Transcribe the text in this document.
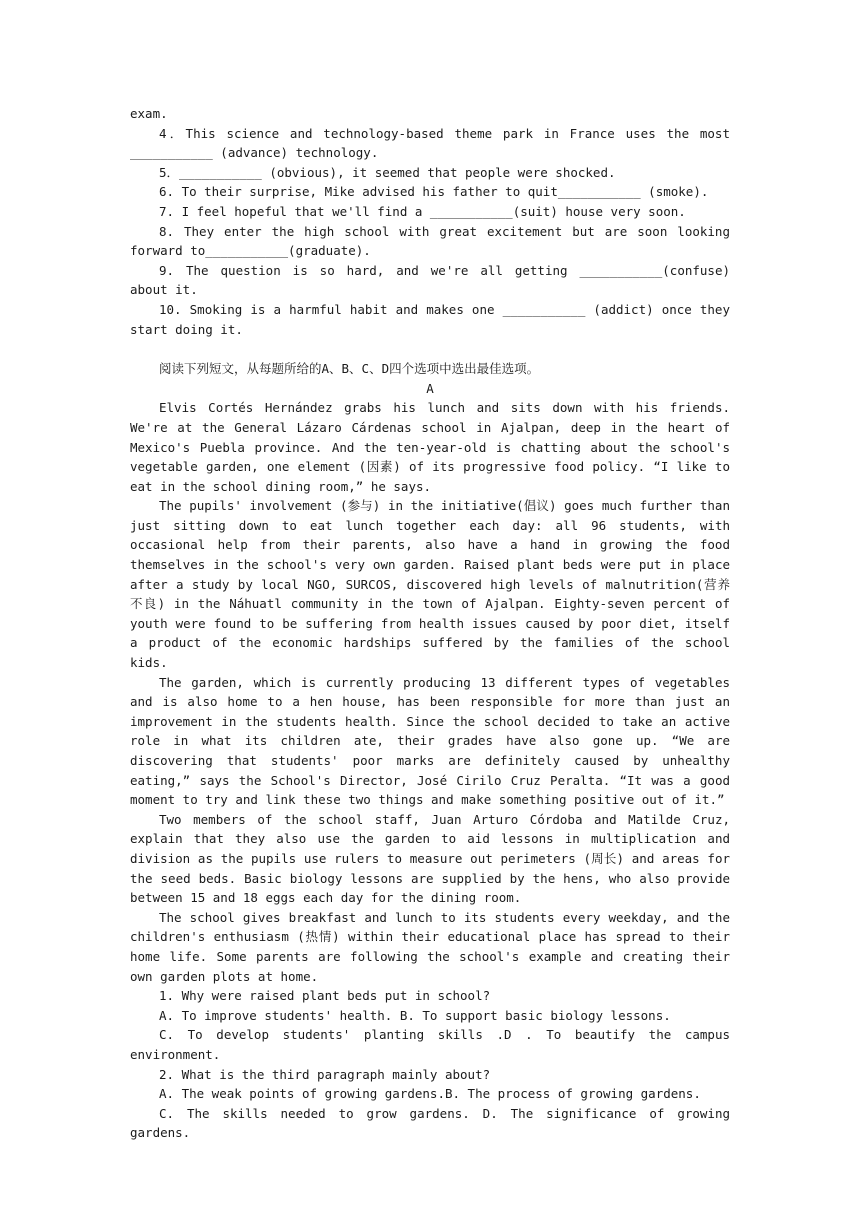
exam.

4．This science and technology-based theme park in France uses the most ___________ (advance) technology.

5．___________ (obvious), it seemed that people were shocked.

6. To their surprise, Mike advised his father to quit___________ (smoke).

7. I feel hopeful that we'll find a ___________(suit) house very soon.

8. They enter the high school with great excitement but are soon looking forward to___________(graduate).

9. The question is so hard, and we're all getting ___________(confuse) about it.

10. Smoking is a harmful habit and makes one ___________ (addict) once they start doing it.

阅读下列短文，从每题所给的A、B、C、D四个选项中选出最佳选项。

A

Elvis Cortés Hernández grabs his lunch and sits down with his friends. We're at the General Lázaro Cárdenas school in Ajalpan, deep in the heart of Mexico's Puebla province. And the ten-year-old is chatting about the school's vegetable garden, one element (因素) of its progressive food policy. “I like to eat in the school dining room,” he says.

The pupils' involvement (参与) in the initiative(倡议) goes much further than just sitting down to eat lunch together each day: all 96 students, with occasional help from their parents, also have a hand in growing the food themselves in the school's very own garden. Raised plant beds were put in place after a study by local NGO, SURCOS, discovered high levels of malnutrition(营养不良) in the Náhuatl community in the town of Ajalpan. Eighty-seven percent of youth were found to be suffering from health issues caused by poor diet, itself a product of the economic hardships suffered by the families of the school kids.

The garden, which is currently producing 13 different types of vegetables and is also home to a hen house, has been responsible for more than just an improvement in the students health. Since the school decided to take an active role in what its children ate, their grades have also gone up. “We are discovering that students' poor marks are definitely caused by unhealthy eating,” says the School's Director, José Cirilo Cruz Peralta. “It was a good moment to try and link these two things and make something positive out of it.”

Two members of the school staff, Juan Arturo Córdoba and Matilde Cruz, explain that they also use the garden to aid lessons in multiplication and division as the pupils use rulers to measure out perimeters (周长) and areas for the seed beds. Basic biology lessons are supplied by the hens, who also provide between 15 and 18 eggs each day for the dining room.

The school gives breakfast and lunch to its students every weekday, and the children's enthusiasm (热情) within their educational place has spread to their home life. Some parents are following the school's example and creating their own garden plots at home.

1. Why were raised plant beds put in school?

A. To improve students' health. B. To support basic biology lessons.

C. To develop students' planting skills .D . To beautify the campus environment.

2. What is the third paragraph mainly about?

A. The weak points of growing gardens.B. The process of growing gardens.

C. The skills needed to grow gardens. D. The significance of growing gardens.
